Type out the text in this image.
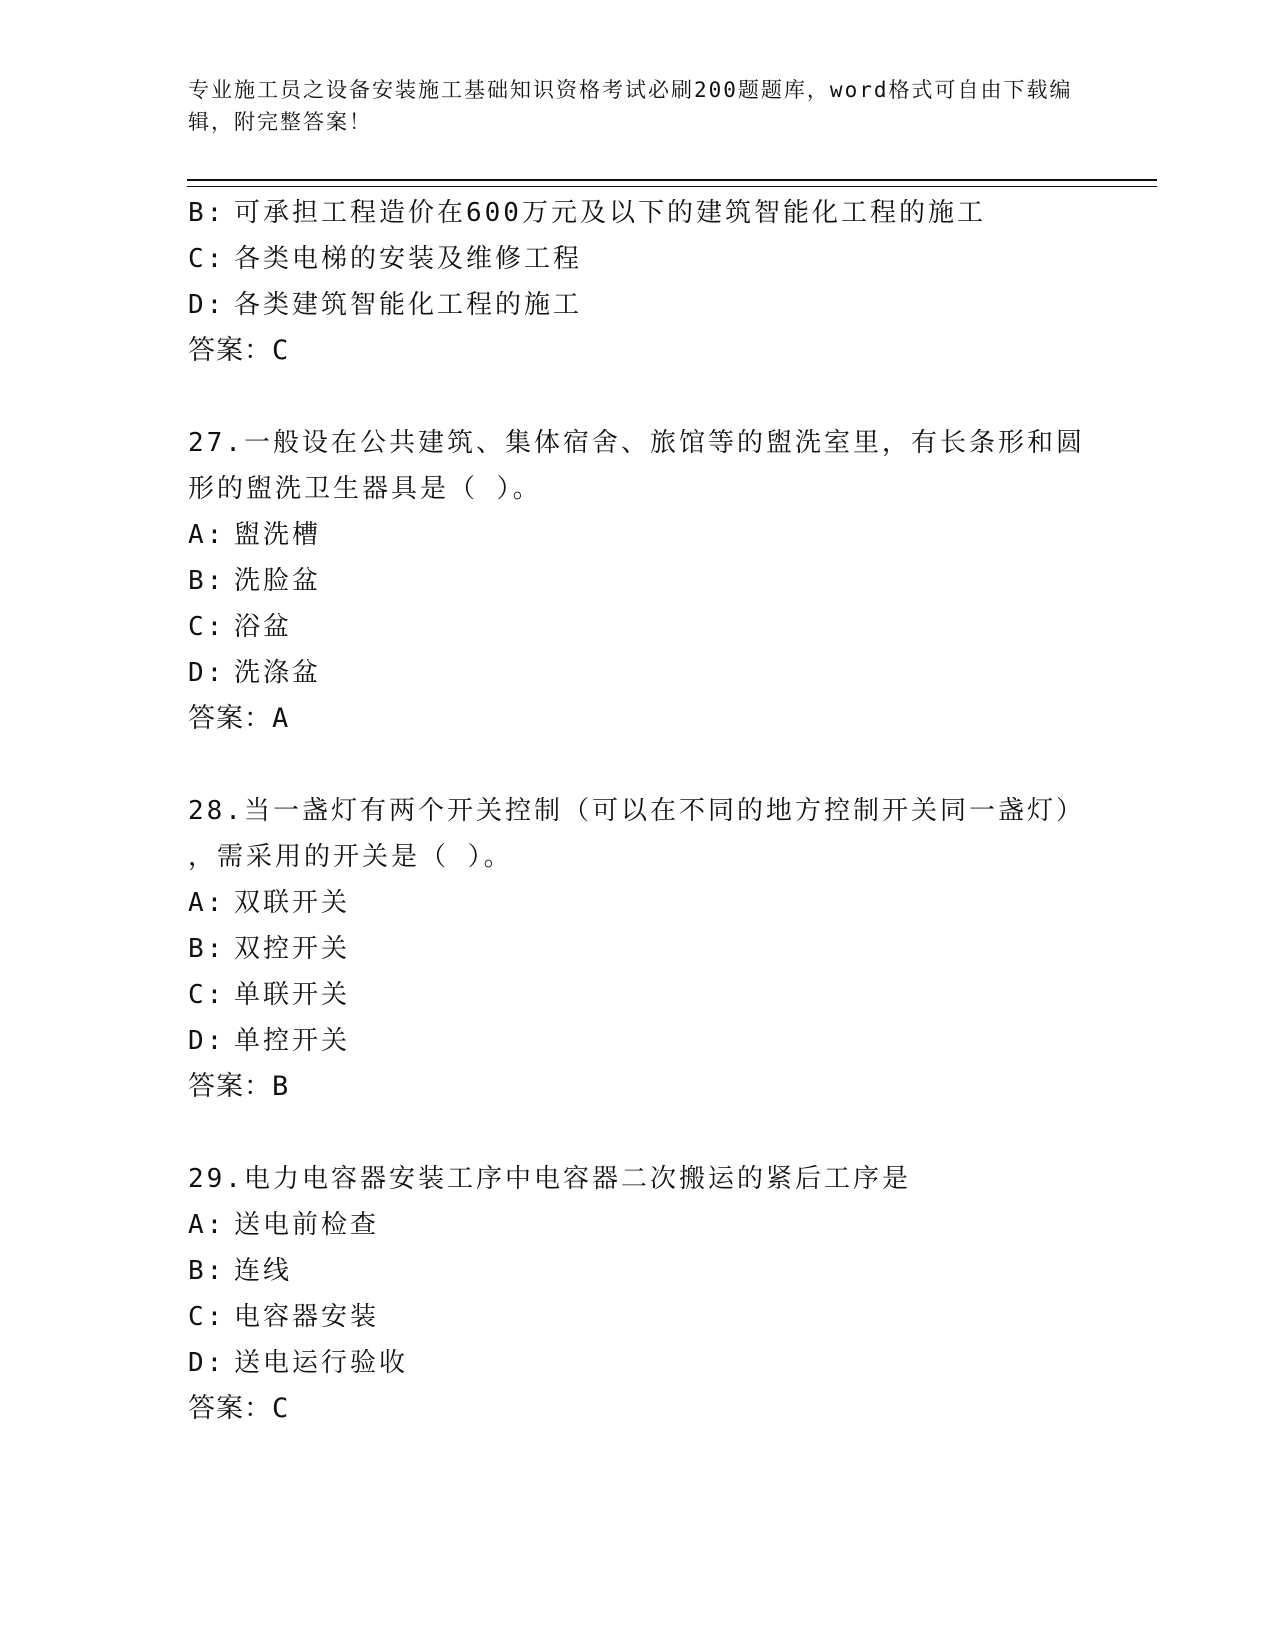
专业施工员之设备安装施工基础知识资格考试必刷200题题库，word格式可自由下载编辑，附完整答案！
B: 可承担工程造价在600万元及以下的建筑智能化工程的施工
C: 各类电梯的安装及维修工程
D: 各类建筑智能化工程的施工
答案：C
27.一般设在公共建筑、集体宿舍、旅馆等的盥洗室里，有长条形和圆
形的盥洗卫生器具是（ ）。
A: 盥洗槽
B: 洗脸盆
C: 浴盆
D: 洗涤盆
答案：A
28.当一盏灯有两个开关控制（可以在不同的地方控制开关同一盏灯）
，需采用的开关是（ ）。
A: 双联开关
B: 双控开关
C: 单联开关
D: 单控开关
答案：B
29.电力电容器安装工序中电容器二次搬运的紧后工序是
A: 送电前检查
B: 连线
C: 电容器安装
D: 送电运行验收
答案：C
